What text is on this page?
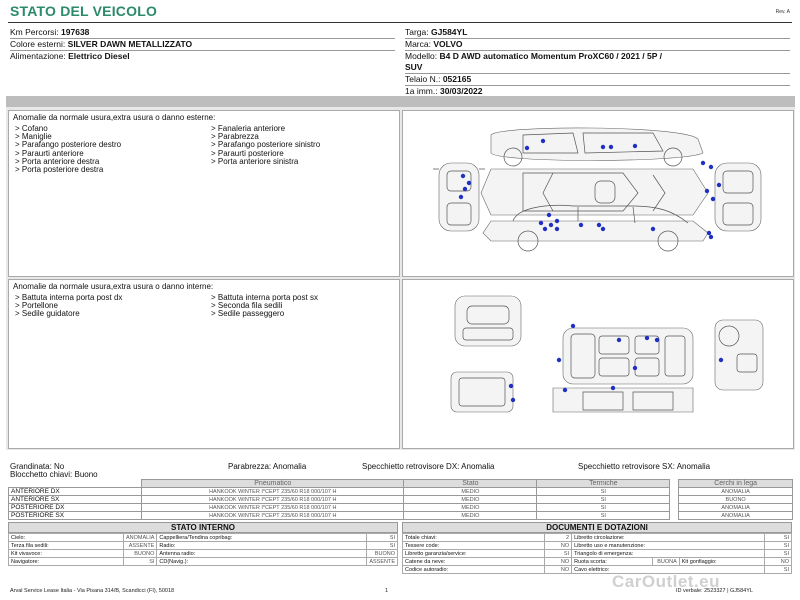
STATO DEL VEICOLO	Rev. A
Km Percorsi: 197638
Colore esterni: SILVER DAWN METALLIZZATO
Alimentazione: Elettrico Diesel
Targa: GJ584YL
Marca: VOLVO
Modello: B4 D AWD automatico Momentum ProXC60 / 2021 / 5P /
SUV
Telaio N.: 052165
1a imm.: 30/03/2022
Anomalie da normale usura,extra usura o danno esterne:
> Cofano
> Maniglie
> Parafango posteriore destro
> Paraurti anteriore
> Porta anteriore destra
> Porta posteriore destra
> Fanaleria anteriore
> Parabrezza
> Parafango posteriore sinistro
> Paraurti posteriore
> Porta anteriore sinistra
Anomalie da normale usura,extra usura o danno interne:
> Battuta interna porta post dx
> Portellone
> Sedile guidatore
> Battuta interna porta post sx
> Seconda fila sedili
> Sedile passeggero
Grandinata: No
Blocchetto chiavi: Buono
Parabrezza: Anomalia	Specchietto retrovisore DX: Anomalia	Specchietto retrovisore SX: Anomalia
	Pneumatico	Stato	Termiche		Cerchi in lega
ANTERIORE DX	HANKOOK WINTER I*CEPT 235/60 R18 000/107 H	MEDIO	SI		ANOMALIA
ANTERIORE SX	HANKOOK WINTER I*CEPT 235/60 R18 000/107 H	MEDIO	SI		BUONO
POSTERIORE DX	HANKOOK WINTER I*CEPT 235/60 R18 000/107 H	MEDIO	SI		ANOMALIA
POSTERIORE SX	HANKOOK WINTER I*CEPT 235/60 R18 000/107 H	MEDIO	SI		ANOMALIA
STATO INTERNO
Cielo:	ANOMALIA	Cappelliera/Tendina copribag:	SI
Terza fila sedili:	ASSENTE	Radio:	SI
Kit vivavoce:	BUONO	Antenna radio:	BUONO
Navigatore:	SI	CD(Navig.):	ASSENTE
DOCUMENTI E DOTAZIONI
Totale chiavi:	2	Libretto circolazione:			SI
Tessere code:	NO	Libretto uso e manutenzione:			SI
Libretto garanzia/service:	SI	Triangolo di emergenza:			SI
Catene da neve:	NO	Ruota scorta:	BUONA	Kit gonfiaggio:	NO
Codice autoradio:	NO	Cavo elettrico:			SI
Arval Service Lease Italia - Via Pisana 314/B, Scandicci (FI), 50018	1	ID verbale: 2523327 | GJ584YL
CarOutlet.eu
